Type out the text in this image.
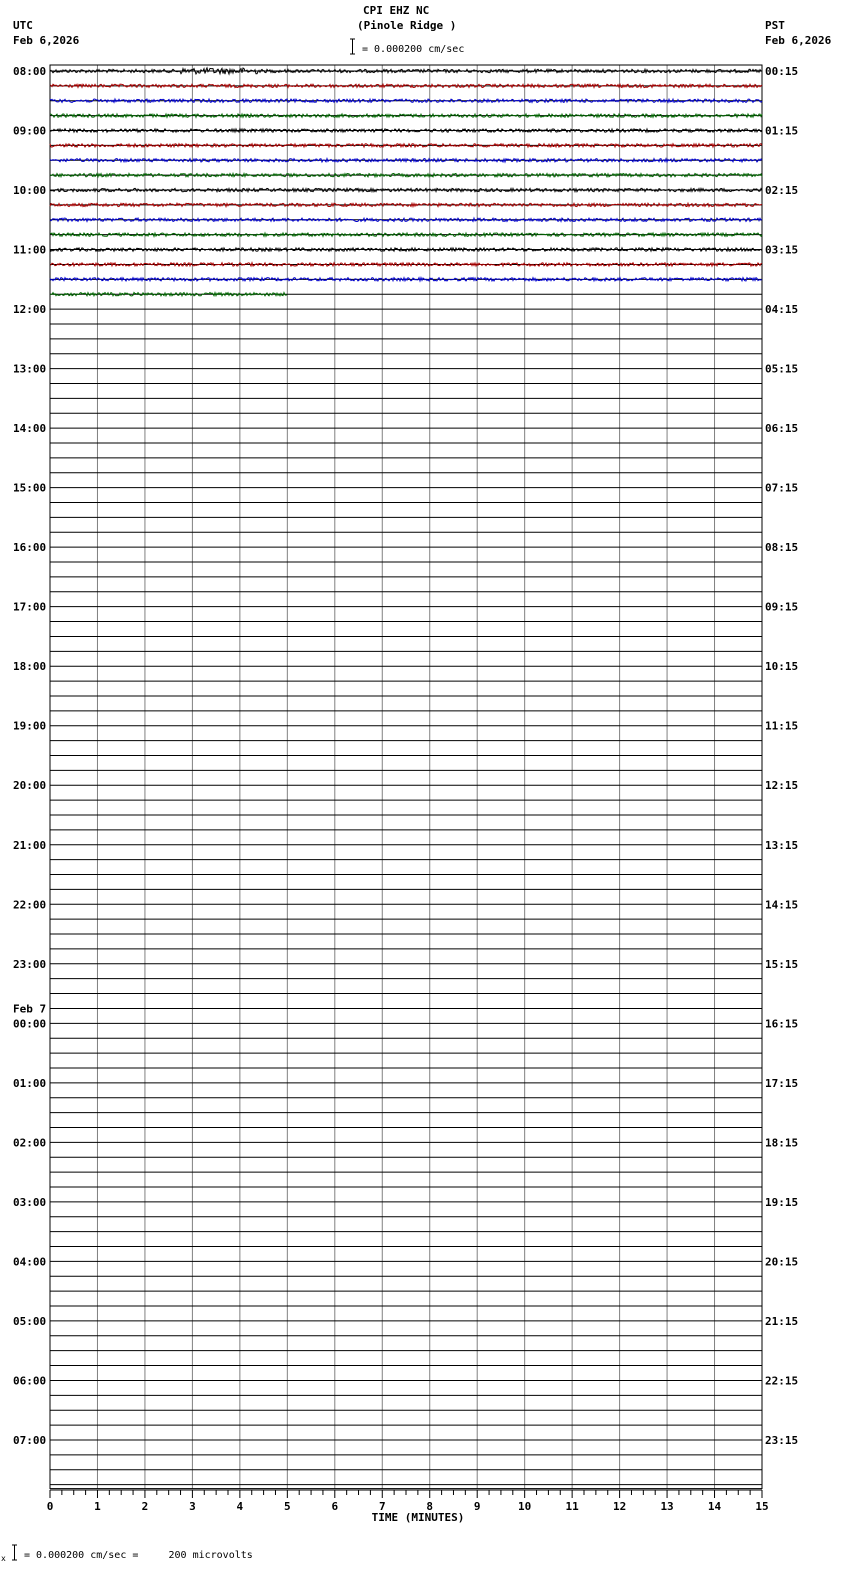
CPI EHZ NC
(Pinole Ridge )
= 0.000200 cm/sec
UTC
Feb 6,2026
PST
Feb 6,2026
08:00	00:15
09:00	01:15
10:00	02:15
11:00	03:15
12:00	04:15
13:00	05:15
14:00	06:15
15:00	07:15
16:00	08:15
17:00	09:15
18:00	10:15
19:00	11:15
20:00	12:15
21:00	13:15
22:00	14:15
23:00	15:15
00:00	16:15
Feb 7
01:00	17:15
02:00	18:15
03:00	19:15
04:00	20:15
05:00	21:15
06:00	22:15
07:00	23:15
0	1	2	3	4	5	6	7	8	9	10	11	12	13	14	15
TIME (MINUTES)
x = 0.000200 cm/sec =     200 microvolts
